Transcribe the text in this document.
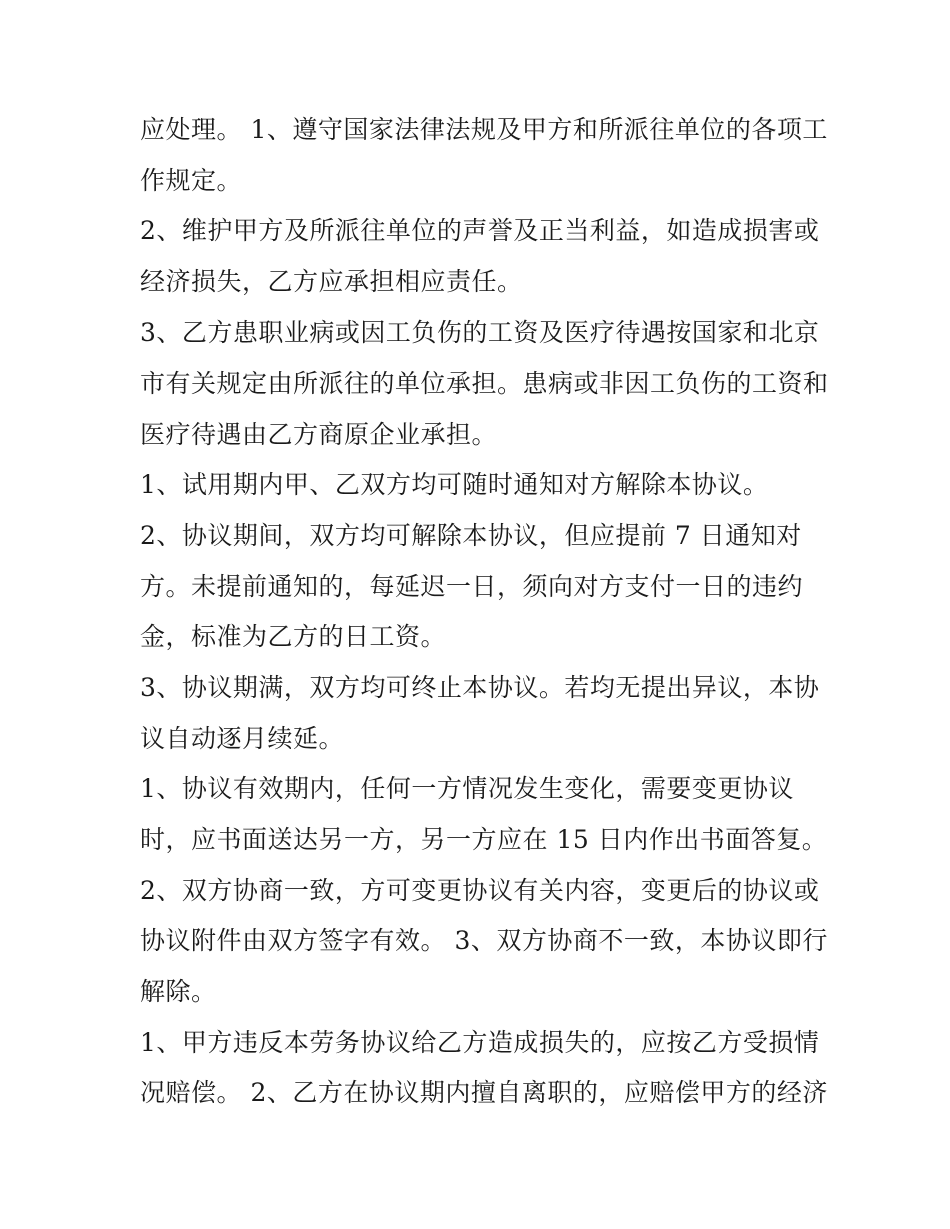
应处理。 1、遵守国家法律法规及甲方和所派往单位的各项工
作规定。
2、维护甲方及所派往单位的声誉及正当利益，如造成损害或
经济损失，乙方应承担相应责任。
3、乙方患职业病或因工负伤的工资及医疗待遇按国家和北京
市有关规定由所派往的单位承担。患病或非因工负伤的工资和
医疗待遇由乙方商原企业承担。
1、试用期内甲、乙双方均可随时通知对方解除本协议。
2、协议期间，双方均可解除本协议，但应提前 7 日通知对
方。未提前通知的，每延迟一日，须向对方支付一日的违约
金，标准为乙方的日工资。
3、协议期满，双方均可终止本协议。若均无提出异议，本协
议自动逐月续延。
1、协议有效期内，任何一方情况发生变化，需要变更协议
时，应书面送达另一方，另一方应在 15 日内作出书面答复。
2、双方协商一致，方可变更协议有关内容，变更后的协议或
协议附件由双方签字有效。 3、双方协商不一致，本协议即行
解除。
1、甲方违反本劳务协议给乙方造成损失的，应按乙方受损情
况赔偿。 2、乙方在协议期内擅自离职的，应赔偿甲方的经济
